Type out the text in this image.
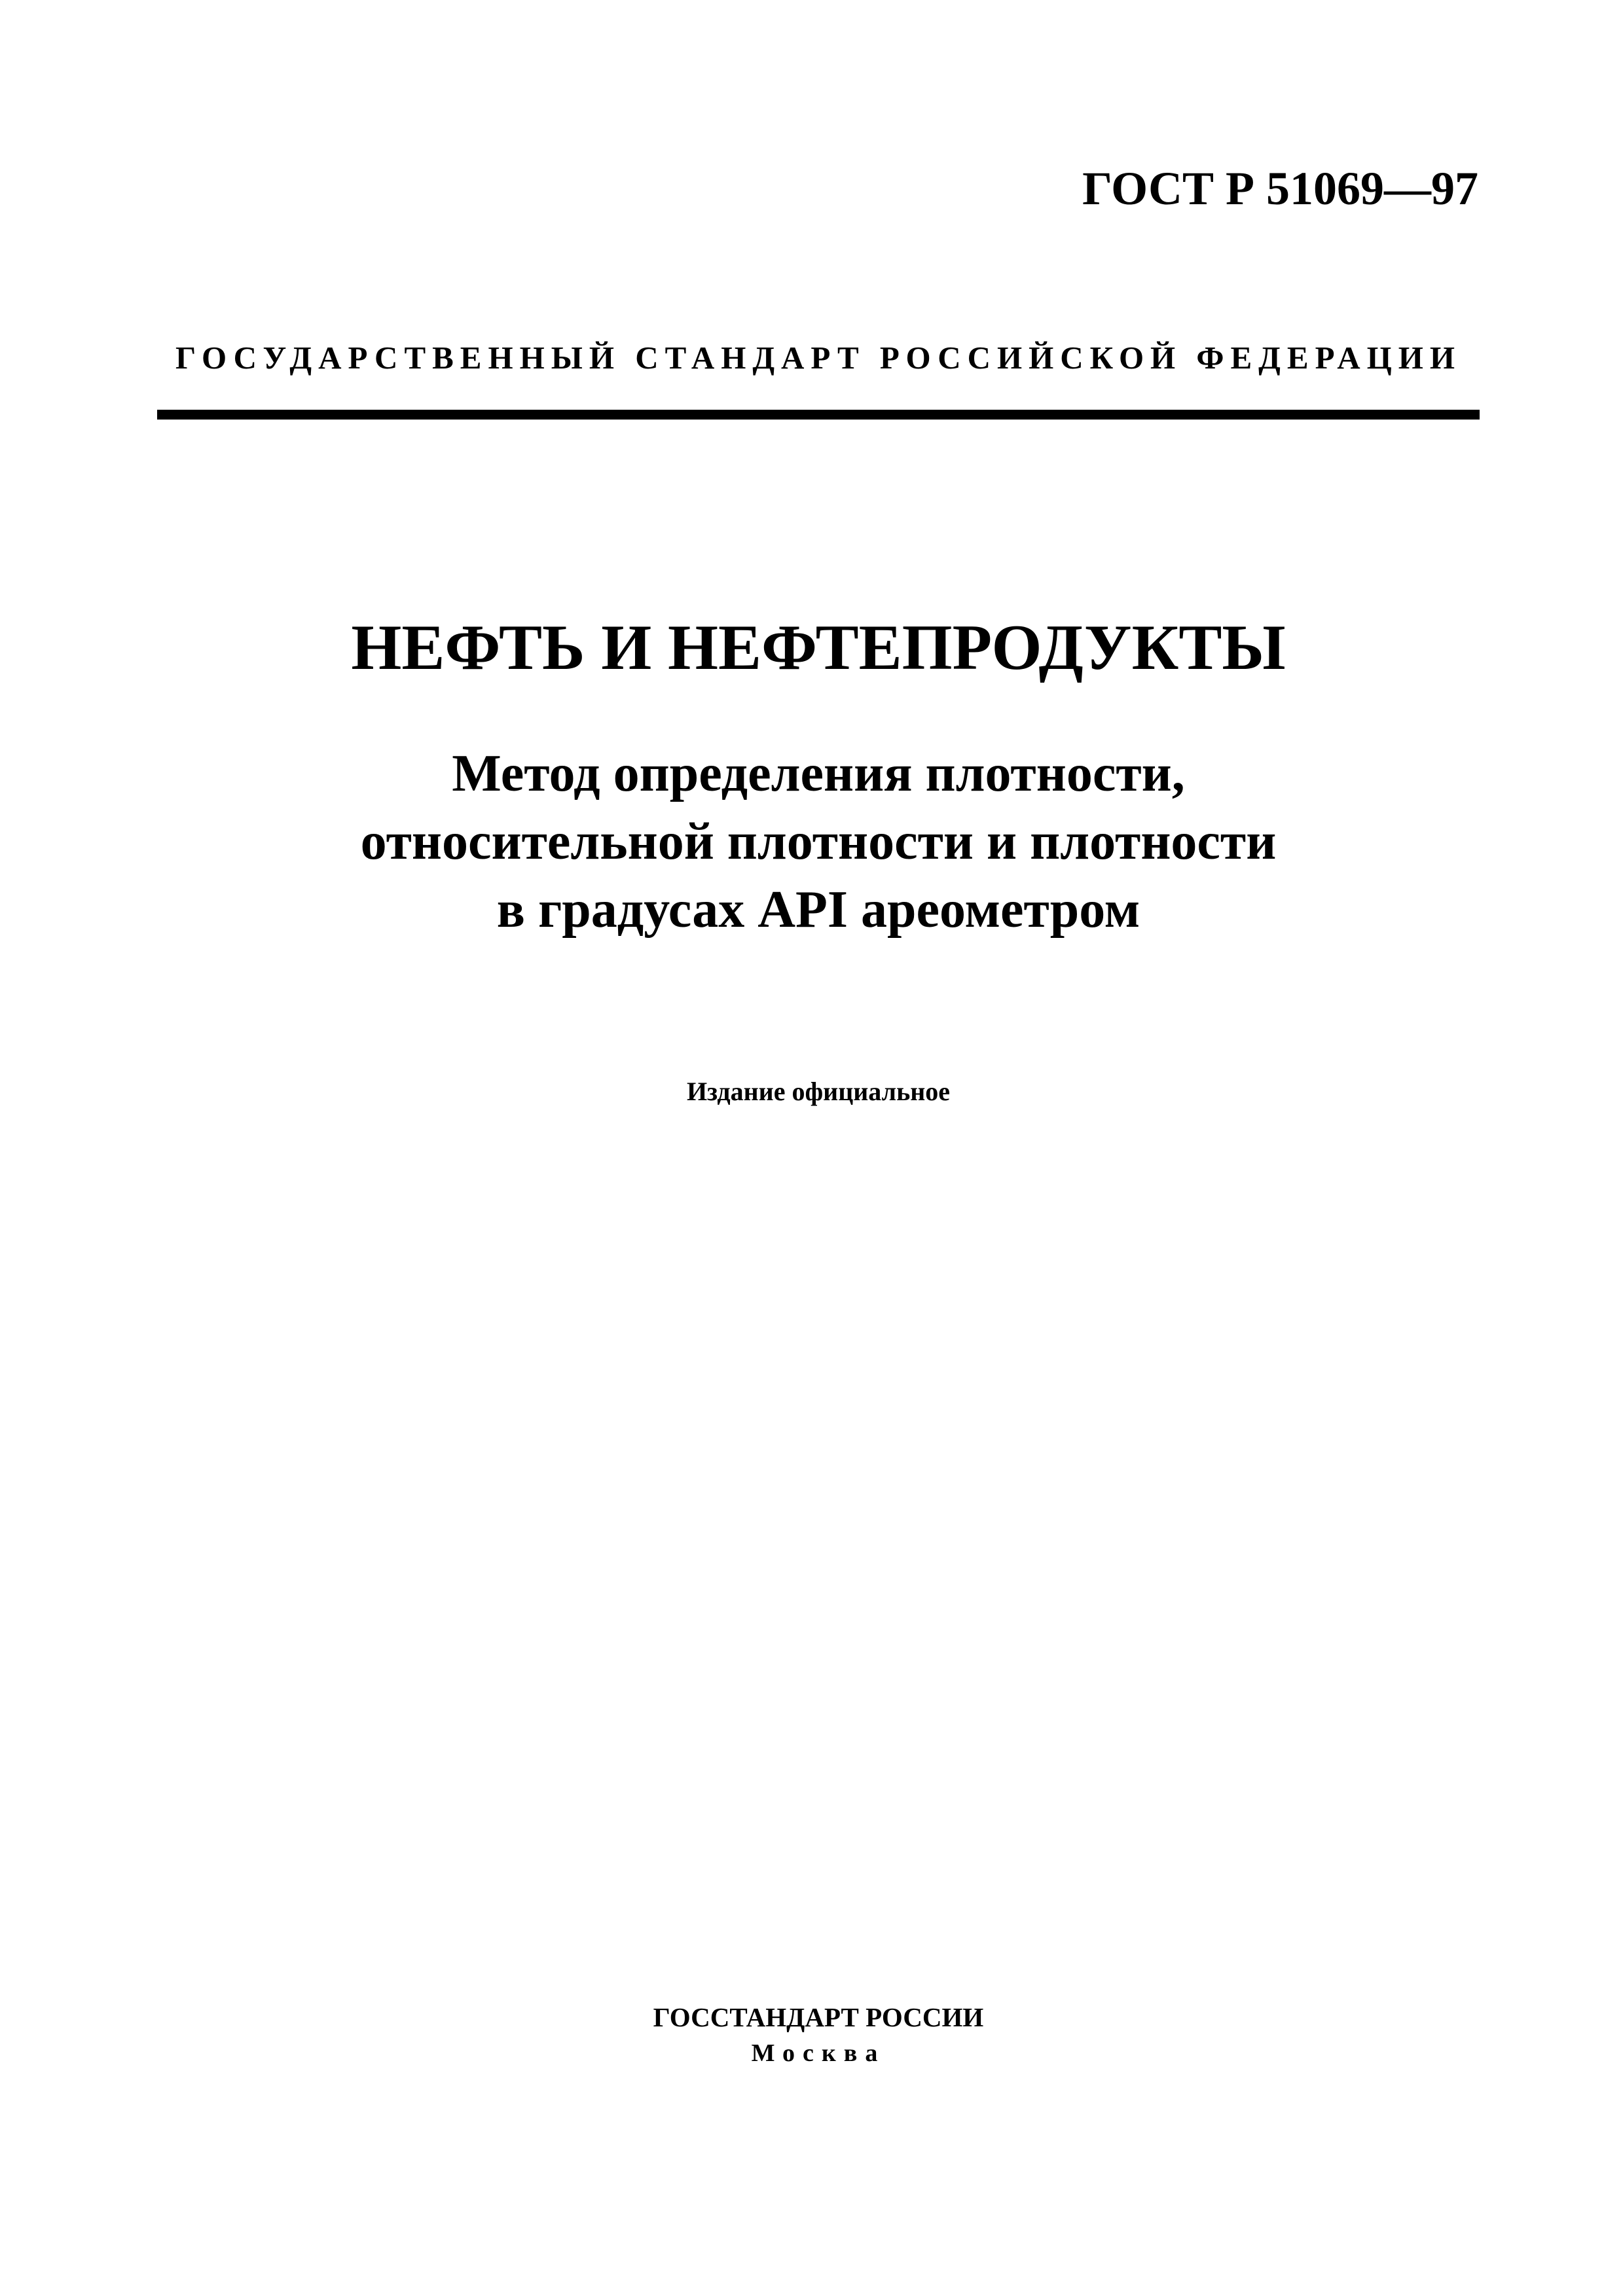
ГОСТ Р 51069—97
ГОСУДАРСТВЕННЫЙ СТАНДАРТ РОССИЙСКОЙ ФЕДЕРАЦИИ
НЕФТЬ И НЕФТЕПРОДУКТЫ
Метод определения плотности,
относительной плотности и плотности
в градусах API ареометром
Издание официальное
ГОССТАНДАРТ РОССИИ
Москва
